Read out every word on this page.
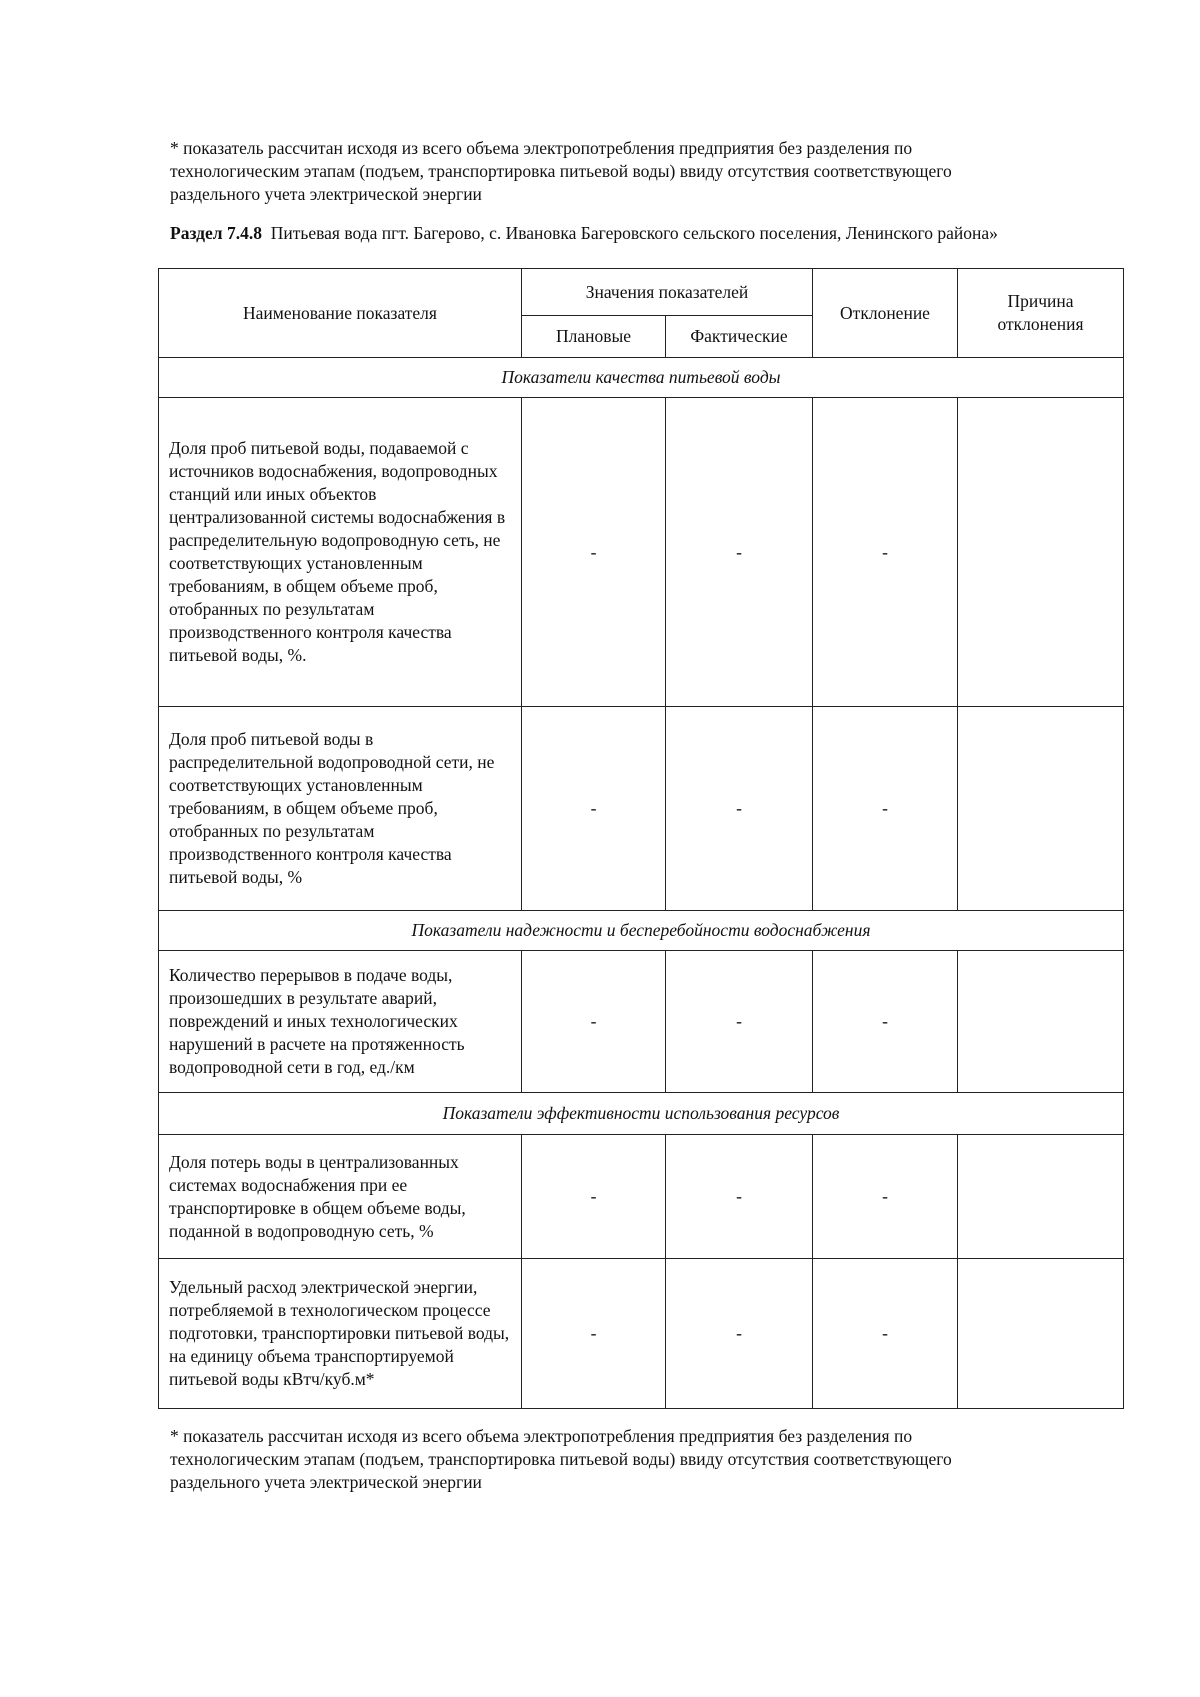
* показатель рассчитан исходя из всего объема электропотребления предприятия без разделения по
технологическим этапам (подъем, транспортировка питьевой воды) ввиду отсутствия соответствующего
раздельного учета электрической энергии
Раздел 7.4.8 Питьевая вода пгт. Багерово, с. Ивановка Багеровского сельского поселения, Ленинского района»
Наименование показателя	Значения показателей		Отклонение	Причина
отклонения
	Плановые	Фактические		
Показатели качества питьевой воды				
Доля проб питьевой воды, подаваемой с источников водоснабжения, водопроводных станций или иных объектов централизованной системы водоснабжения в распределительную водопроводную сеть, не соответствующих установленным требованиям, в общем объеме проб, отобранных по результатам производственного контроля качества питьевой воды, %.	-	-	-	
Доля проб питьевой воды в распределительной водопроводной сети, не соответствующих установленным требованиям, в общем объеме проб, отобранных по результатам производственного контроля качества питьевой воды, %	-	-	-	
Показатели надежности и бесперебойности водоснабжения				
Количество перерывов в подаче воды, произошедших в результате аварий, повреждений и иных технологических нарушений в расчете на протяженность водопроводной сети в год, ед./км	-	-	-	
Показатели эффективности использования ресурсов				
Доля потерь воды в централизованных системах водоснабжения при ее транспортировке в общем объеме воды, поданной в водопроводную сеть, %	-	-	-	
Удельный расход электрической энергии, потребляемой в технологическом процессе подготовки, транспортировки питьевой воды, на единицу объема транспортируемой питьевой воды кВтч/куб.м*	-	-	-	
* показатель рассчитан исходя из всего объема электропотребления предприятия без разделения по
технологическим этапам (подъем, транспортировка питьевой воды) ввиду отсутствия соответствующего
раздельного учета электрической энергии
